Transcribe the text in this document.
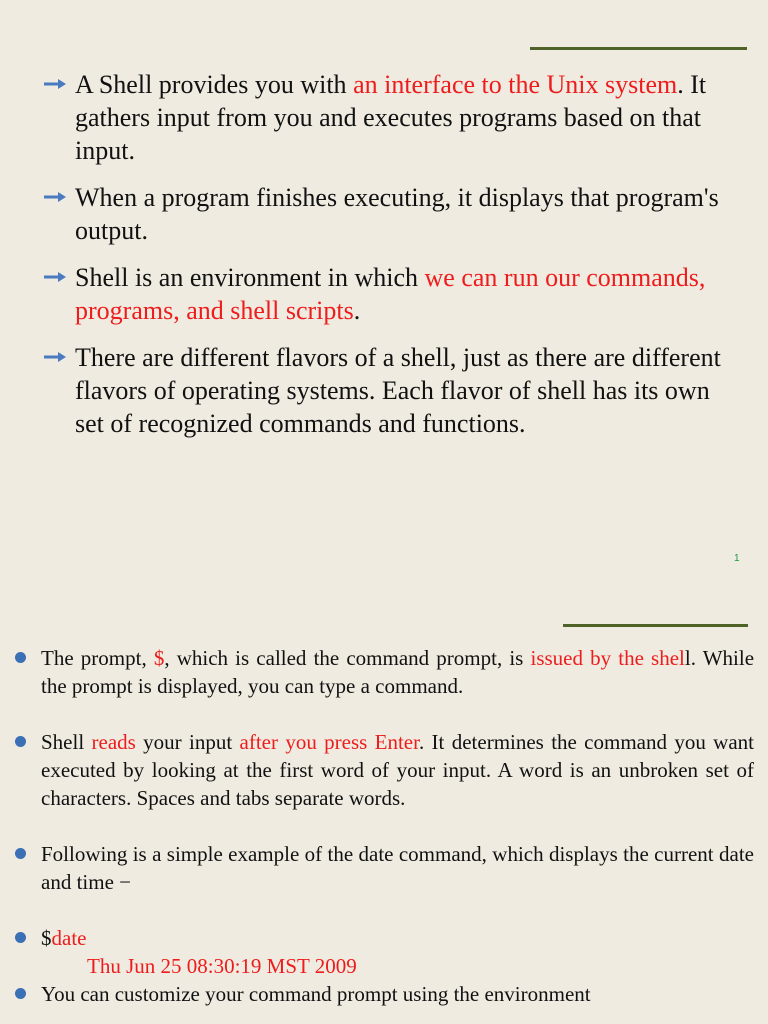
A Shell provides you with an interface to the Unix system. It gathers input from you and executes programs based on that input.
When a program finishes executing, it displays that program's output.
Shell is an environment in which we can run our commands, programs, and shell scripts.
There are different flavors of a shell, just as there are different flavors of operating systems. Each flavor of shell has its own set of recognized commands and functions.
1
The prompt, $, which is called the command prompt, is issued by the shell. While the prompt is displayed, you can type a command.
Shell reads your input after you press Enter. It determines the command you want executed by looking at the first word of your input. A word is an unbroken set of characters. Spaces and tabs separate words.
Following is a simple example of the date command, which displays the current date and time −
$date
Thu Jun 25 08:30:19 MST 2009
You can customize your command prompt using the environment
